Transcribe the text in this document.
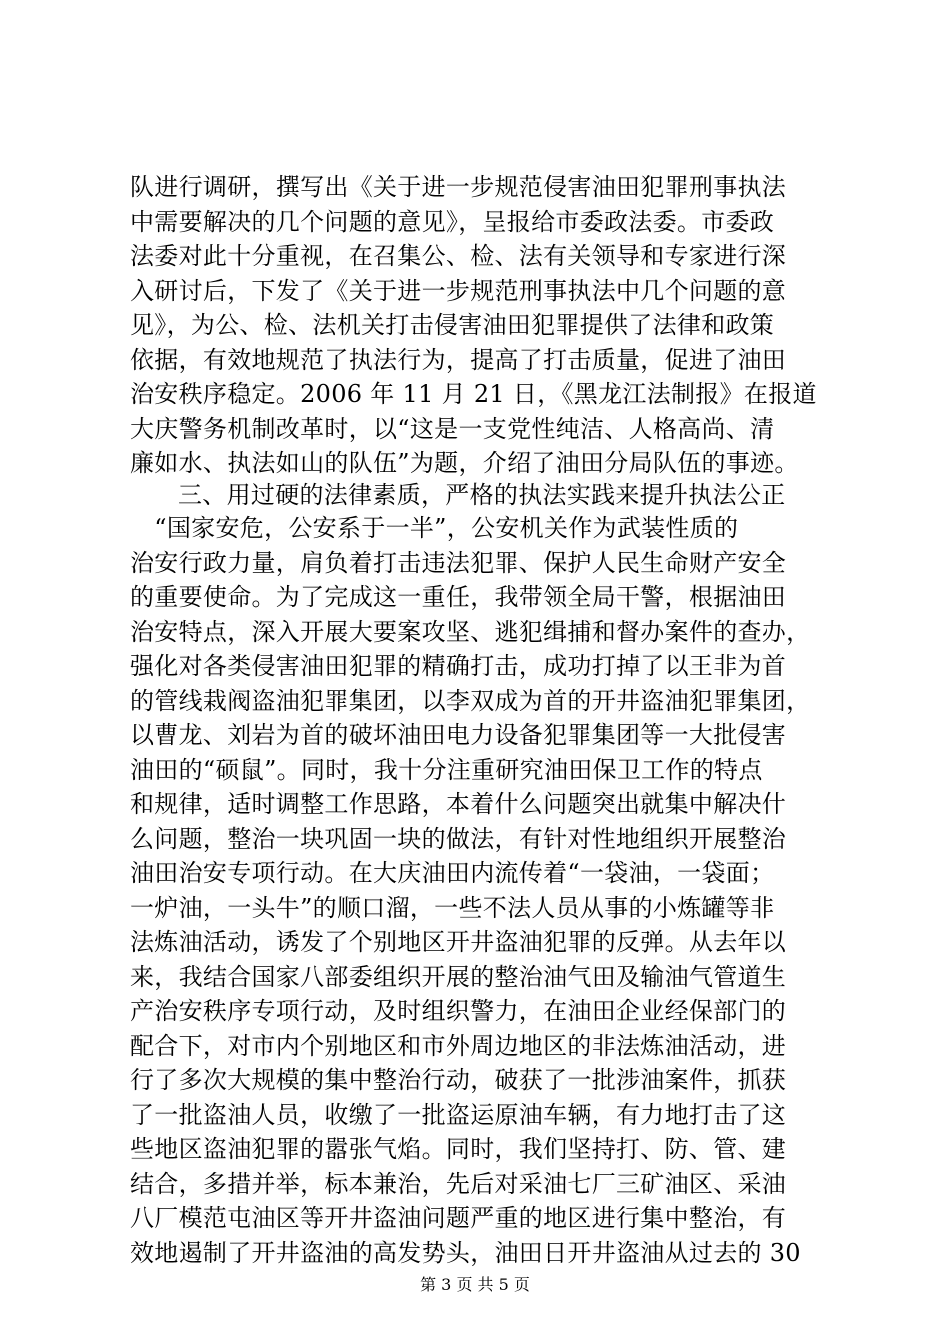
队进行调研，撰写出《关于进一步规范侵害油田犯罪刑事执法
中需要解决的几个问题的意见》，呈报给市委政法委。市委政
法委对此十分重视，在召集公、检、法有关领导和专家进行深
入研讨后，下发了《关于进一步规范刑事执法中几个问题的意
见》，为公、检、法机关打击侵害油田犯罪提供了法律和政策
依据，有效地规范了执法行为，提高了打击质量，促进了油田
治安秩序稳定。2006 年 11 月 21 日，《黑龙江法制报》在报道
大庆警务机制改革时，以“这是一支党性纯洁、人格高尚、清
廉如水、执法如山的队伍”为题，介绍了油田分局队伍的事迹。
三、用过硬的法律素质，严格的执法实践来提升执法公正
　“国家安危，公安系于一半”，公安机关作为武装性质的
治安行政力量，肩负着打击违法犯罪、保护人民生命财产安全
的重要使命。为了完成这一重任，我带领全局干警，根据油田
治安特点，深入开展大要案攻坚、逃犯缉捕和督办案件的查办，
强化对各类侵害油田犯罪的精确打击，成功打掉了以王非为首
的管线栽阀盗油犯罪集团，以李双成为首的开井盗油犯罪集团，
以曹龙、刘岩为首的破坏油田电力设备犯罪集团等一大批侵害
油田的“硕鼠”。同时，我十分注重研究油田保卫工作的特点
和规律，适时调整工作思路，本着什么问题突出就集中解决什
么问题，整治一块巩固一块的做法，有针对性地组织开展整治
油田治安专项行动。在大庆油田内流传着“一袋油，一袋面；
一炉油，一头牛”的顺口溜，一些不法人员从事的小炼罐等非
法炼油活动，诱发了个别地区开井盗油犯罪的反弹。从去年以
来，我结合国家八部委组织开展的整治油气田及输油气管道生
产治安秩序专项行动，及时组织警力，在油田企业经保部门的
配合下，对市内个别地区和市外周边地区的非法炼油活动，进
行了多次大规模的集中整治行动，破获了一批涉油案件，抓获
了一批盗油人员，收缴了一批盗运原油车辆，有力地打击了这
些地区盗油犯罪的嚣张气焰。同时，我们坚持打、防、管、建
结合，多措并举，标本兼治，先后对采油七厂三矿油区、采油
八厂模范屯油区等开井盗油问题严重的地区进行集中整治，有
效地遏制了开井盗油的高发势头，油田日开井盗油从过去的 30
第 3 页 共 5 页
